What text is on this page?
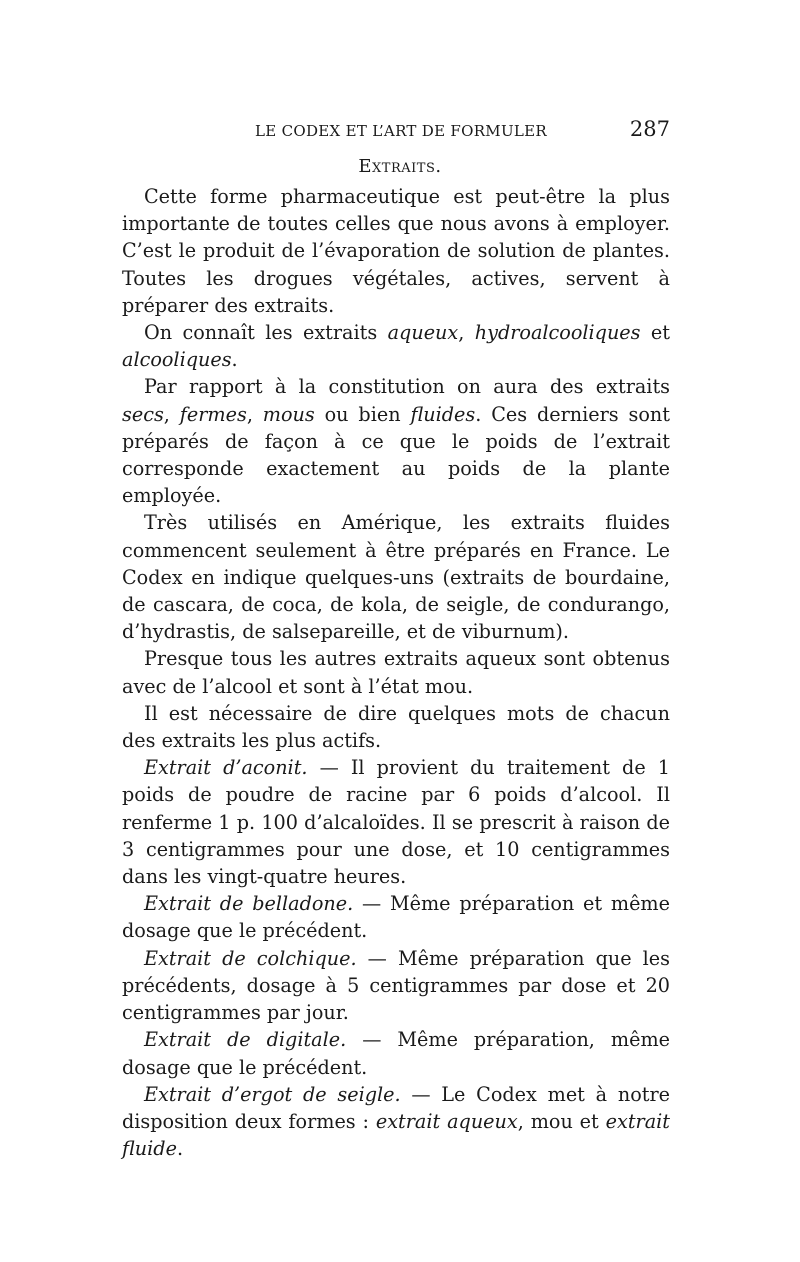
LE CODEX ET L’ART DE FORMULER	287
Extraits.

Cette forme pharmaceutique est peut-être la plus importante de toutes celles que nous avons à employer. C’est le produit de l’évaporation de solution de plantes. Toutes les drogues végétales, actives, servent à préparer des extraits.

On connaît les extraits aqueux, hydroalcooliques et alcooliques.

Par rapport à la constitution on aura des extraits secs, fermes, mous ou bien fluides. Ces derniers sont préparés de façon à ce que le poids de l’extrait corresponde exactement au poids de la plante employée.

Très utilisés en Amérique, les extraits fluides commencent seulement à être préparés en France. Le Codex en indique quelques-uns (extraits de bourdaine, de cascara, de coca, de kola, de seigle, de condurango, d’hydrastis, de salsepareille, et de viburnum).

Presque tous les autres extraits aqueux sont obtenus avec de l’alcool et sont à l’état mou.

Il est nécessaire de dire quelques mots de chacun des extraits les plus actifs.

Extrait d’aconit. — Il provient du traitement de 1 poids de poudre de racine par 6 poids d’alcool. Il renferme 1 p. 100 d’alcaloïdes. Il se prescrit à raison de 3 centigrammes pour une dose, et 10 centigrammes dans les vingt-quatre heures.

Extrait de belladone. — Même préparation et même dosage que le précédent.

Extrait de colchique. — Même préparation que les précédents, dosage à 5 centigrammes par dose et 20 centigrammes par jour.

Extrait de digitale. — Même préparation, même dosage que le précédent.

Extrait d’ergot de seigle. — Le Codex met à notre disposition deux formes : extrait aqueux, mou et extrait fluide.
